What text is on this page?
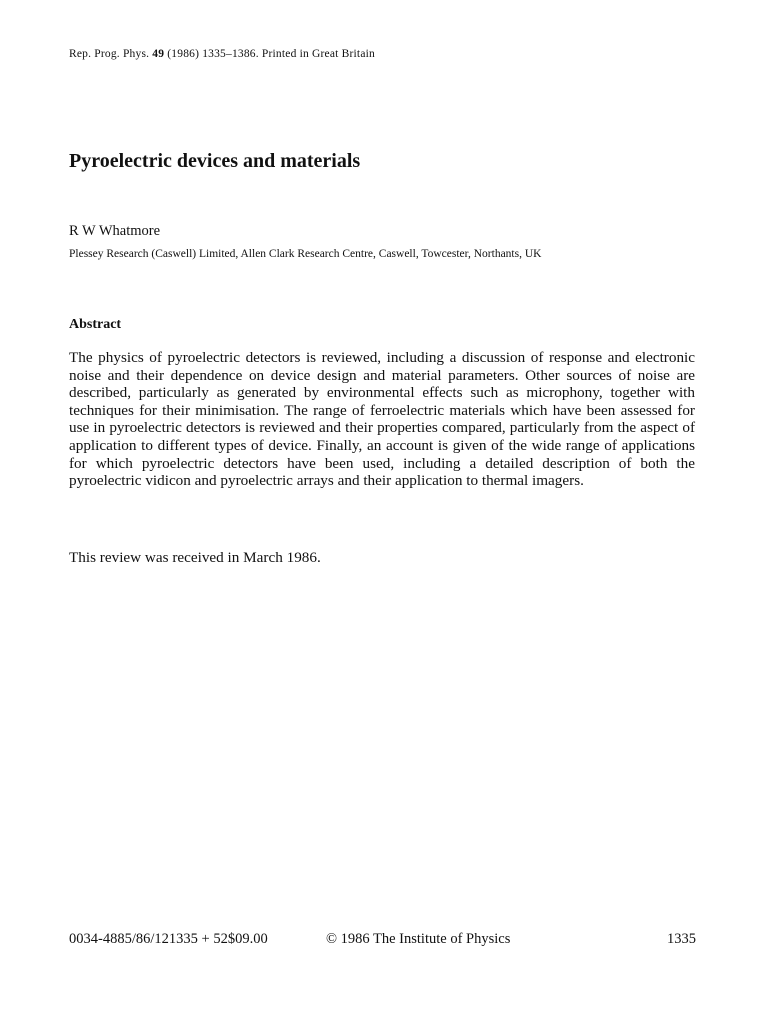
Rep. Prog. Phys. 49 (1986) 1335–1386. Printed in Great Britain
Pyroelectric devices and materials
R W Whatmore
Plessey Research (Caswell) Limited, Allen Clark Research Centre, Caswell, Towcester, Northants, UK
Abstract

The physics of pyroelectric detectors is reviewed, including a discussion of response and electronic noise and their dependence on device design and material parameters. Other sources of noise are described, particularly as generated by environmental effects such as microphony, together with techniques for their minimisation. The range of ferroelectric materials which have been assessed for use in pyroelectric detectors is reviewed and their properties compared, particularly from the aspect of application to different types of device. Finally, an account is given of the wide range of applications for which pyroelectric detectors have been used, including a detailed description of both the pyroelectric vidicon and pyroelectric arrays and their application to thermal imagers.

This review was received in March 1986.
0034-4885/86/121335 + 52$09.00	© 1986 The Institute of Physics	1335
